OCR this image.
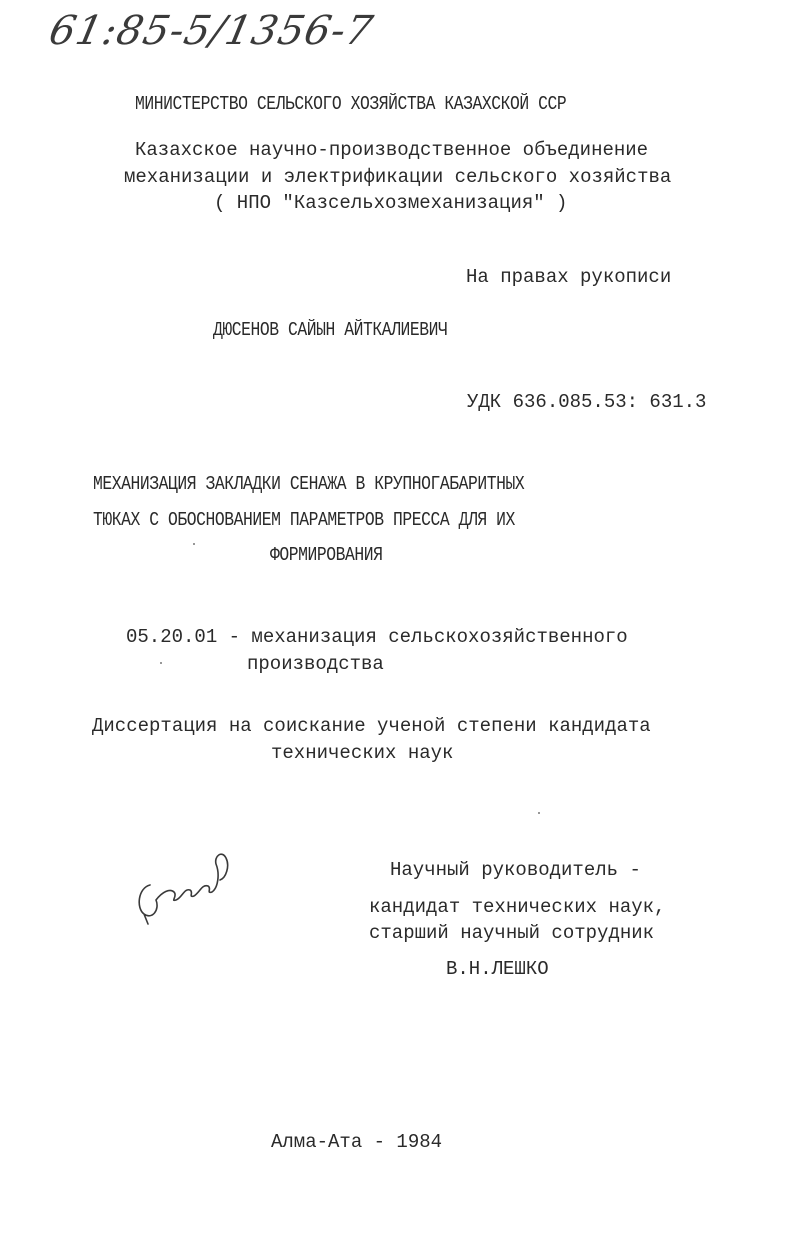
61:85-5/1356-7
МИНИСТЕРСТВО СЕЛЬСКОГО ХОЗЯЙСТВА КАЗАХСКОЙ ССР
Казахское научно-производственное объединение
механизации и электрификации сельского хозяйства
( НПО "Казсельхозмеханизация" )
На правах рукописи
ДЮСЕНОВ САЙЫН АЙТКАЛИЕВИЧ
УДК 636.085.53: 631.3
МЕХАНИЗАЦИЯ ЗАКЛАДКИ СЕНАЖА В КРУПНОГАБАРИТНЫХ
ТЮКАХ С ОБОСНОВАНИЕМ ПАРАМЕТРОВ ПРЕССА ДЛЯ ИХ
ФОРМИРОВАНИЯ
05.20.01 - механизация сельскохозяйственного
производства
Диссертация на соискание ученой степени кандидата
технических наук
Научный руководитель -
кандидат технических наук,
старший научный сотрудник
В.Н.ЛЕШКО
Алма-Ата - 1984
